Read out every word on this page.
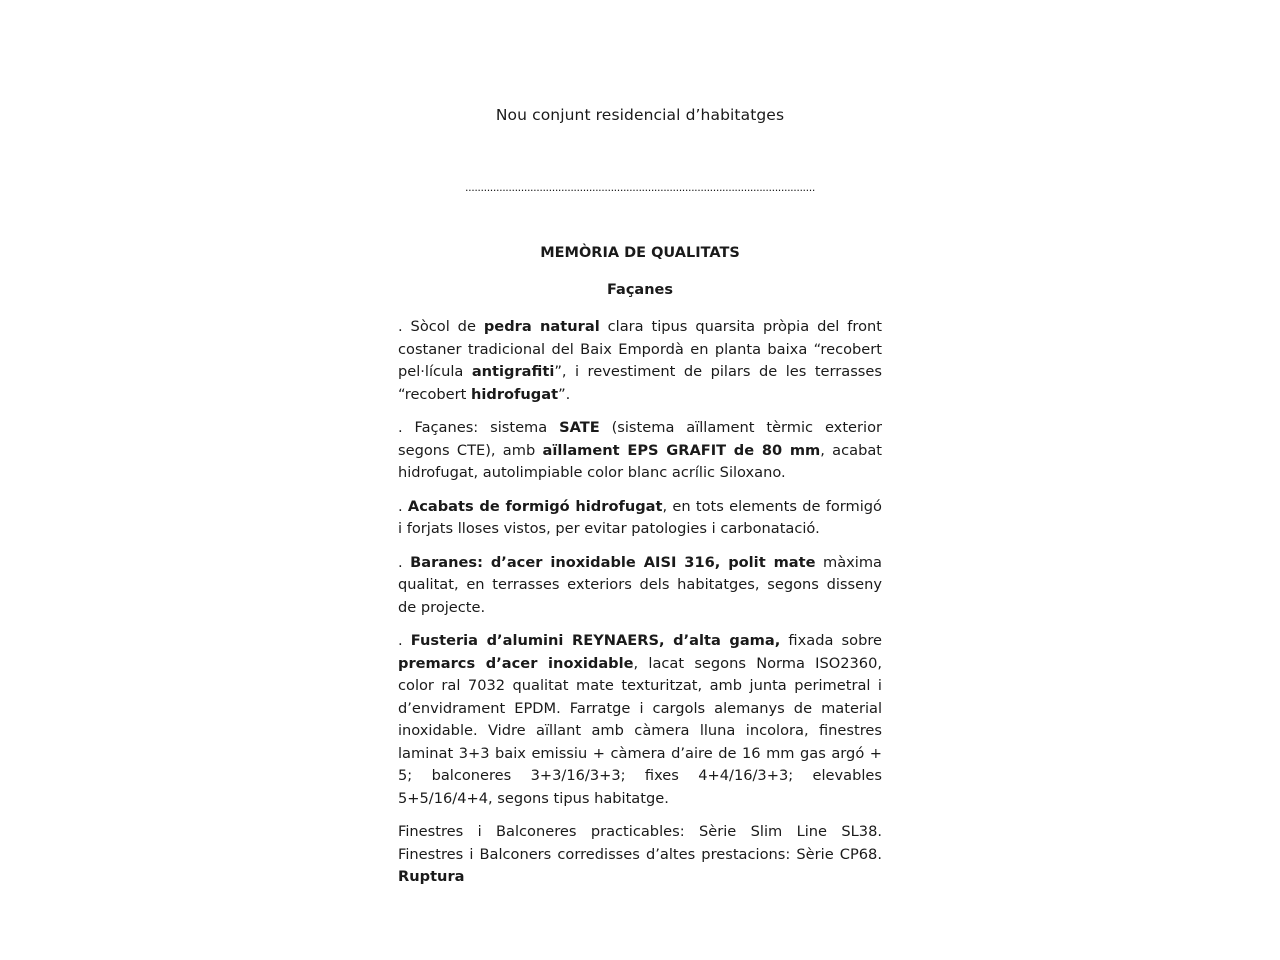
Nou conjunt residencial d’habitatges
.................................................................................................................
MEMÒRIA DE QUALITATS
Façanes

. Sòcol de pedra natural clara tipus quarsita pròpia del front costaner tradicional del Baix Empordà en planta baixa “recobert pel·lícula antigrafiti”, i revestiment de pilars de les terrasses “recobert hidrofugat”.

. Façanes: sistema SATE (sistema aïllament tèrmic exterior segons CTE), amb aïllament EPS GRAFIT de 80 mm, acabat hidrofugat, autolimpiable color blanc acrílic Siloxano.

. Acabats de formigó hidrofugat, en tots elements de formigó i forjats lloses vistos, per evitar patologies i carbonatació.

. Baranes: d’acer inoxidable AISI 316, polit mate màxima qualitat, en terrasses exteriors dels habitatges, segons disseny de projecte.

. Fusteria d’alumini REYNAERS, d’alta gama, fixada sobre premarcs d’acer inoxidable, lacat segons Norma ISO2360, color ral 7032 qualitat mate texturitzat, amb junta perimetral i d’envidrament EPDM. Farratge i cargols alemanys de material inoxidable. Vidre aïllant amb càmera lluna incolora, finestres laminat 3+3 baix emissiu + càmera d’aire de 16 mm gas argó + 5; balconeres 3+3/16/3+3; fixes 4+4/16/3+3; elevables 5+5/16/4+4, segons tipus habitatge.

Finestres i Balconeres practicables: Sèrie Slim Line SL38. Finestres i Balconers corredisses d’altes prestacions: Sèrie CP68. Ruptura
